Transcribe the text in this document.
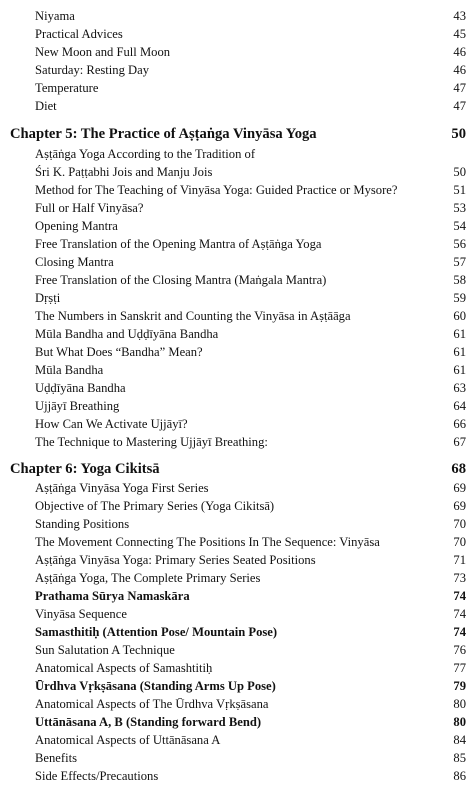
Niyama	43
Practical Advices	45
New Moon and Full Moon	46
Saturday: Resting Day	46
Temperature	47
Diet	47
Chapter 5: The Practice of Aṣṭaṅga Vinyāsa Yoga	50
Aṣṭāṅga Yoga According to the Tradition of
Śri K. Paṭṭabhi Jois and Manju Jois	50
Method for The Teaching of Vinyāsa Yoga: Guided Practice or Mysore?	51
Full or Half Vinyāsa?	53
Opening Mantra	54
Free Translation of the Opening Mantra of Aṣṭāṅga Yoga	56
Closing Mantra	57
Free Translation of the Closing Mantra (Maṅgala Mantra)	58
Dṛṣṭi	59
The Numbers in Sanskrit and Counting the Vinyāsa in Aṣṭāāga	60
Mūla Bandha and Uḍḍīyāna Bandha	61
But What Does “Bandha” Mean?	61
Mūla Bandha	61
Uḍḍīyāna Bandha	63
Ujjāyī Breathing	64
How Can We Activate Ujjāyī?	66
The Technique to Mastering Ujjāyī Breathing:	67
Chapter 6: Yoga Cikitsā	68
Aṣṭāṅga Vinyāsa Yoga First Series	69
Objective of The Primary Series (Yoga Cikitsā)	69
Standing Positions	70
The Movement Connecting The Positions In The Sequence: Vinyāsa	70
Aṣṭāṅga Vinyāsa Yoga: Primary Series Seated Positions	71
Aṣṭāṅga Yoga, The Complete Primary Series	73
Prathama Sūrya Namaskāra	74
Vinyāsa Sequence	74
Samasthitiḥ (Attention Pose/ Mountain Pose)	74
Sun Salutation A Technique	76
Anatomical Aspects of Samashtitiḥ	77
Ūrdhva Vṛkṣāsana (Standing Arms Up Pose)	79
Anatomical Aspects of The Ūrdhva Vṛkṣāsana	80
Uttānāsana A, B (Standing forward Bend)	80
Anatomical Aspects of Uttānāsana A	84
Benefits	85
Side Effects/Precautions	86
